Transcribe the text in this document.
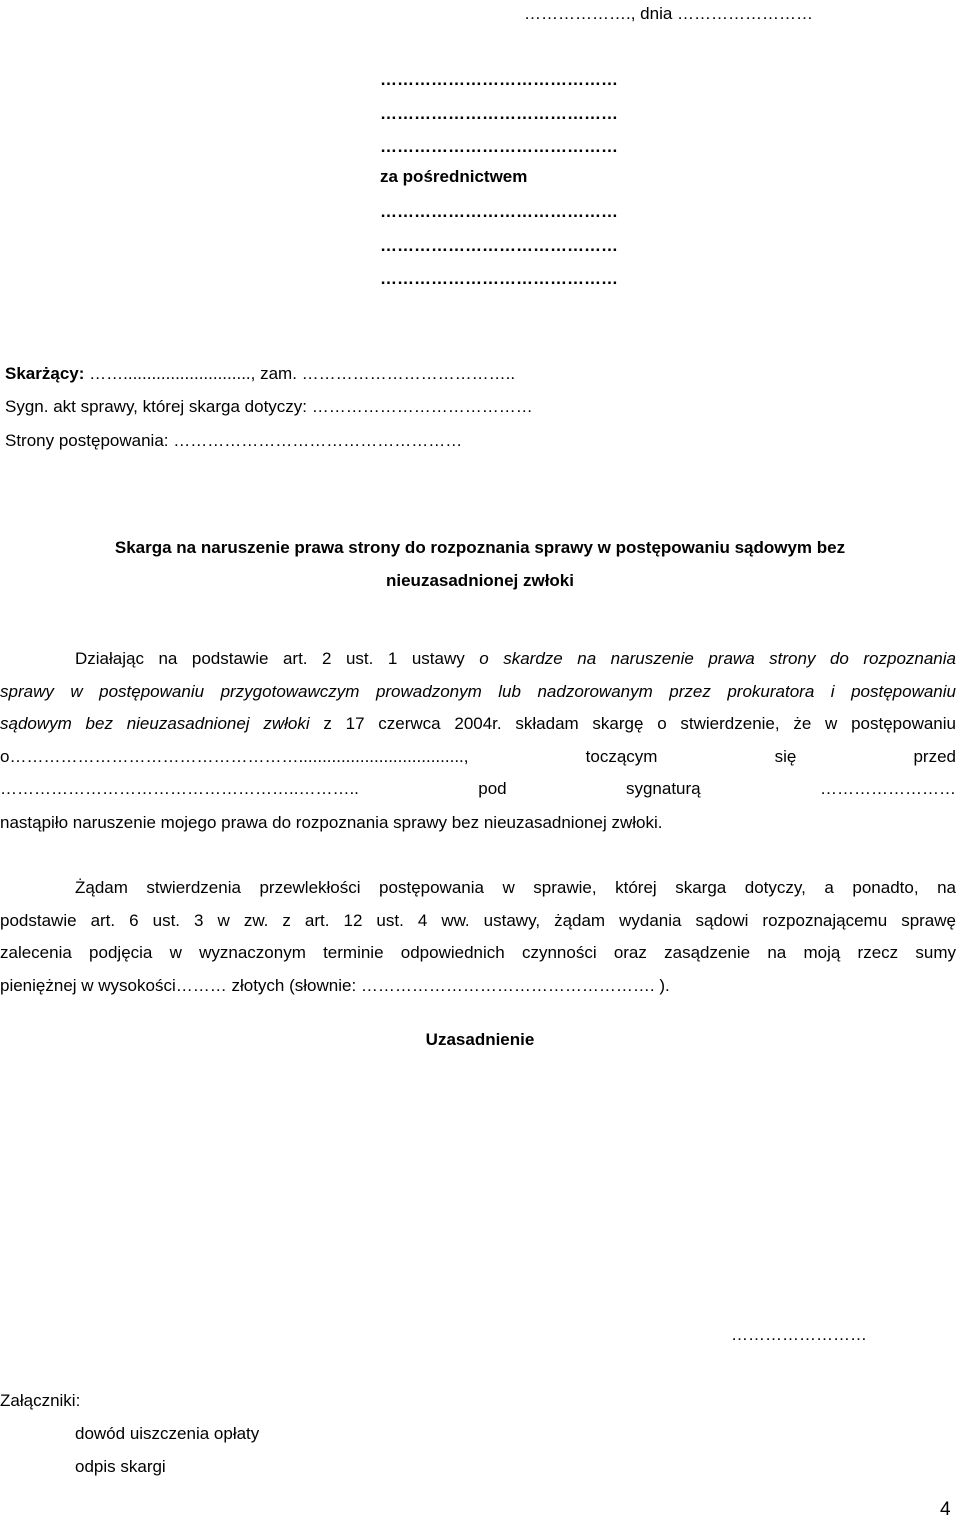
………………., dnia ……………………
……………………………………
……………………………………
……………………………………
za pośrednictwem
……………………………………
……………………………………
……………………………………
Skarżący: ……..........................., zam. ………………………………..
Sygn. akt sprawy, której skarga dotyczy: …………………………………
Strony postępowania: ……………………………………………
Skarga na naruszenie prawa strony do rozpoznania sprawy w postępowaniu sądowym bez
nieuzasadnionej zwłoki
Działając na podstawie art. 2 ust. 1 ustawy o skardze na naruszenie prawa strony do rozpoznania
sprawy w postępowaniu przygotowawczym prowadzonym lub nadzorowanym przez prokuratora i postępowaniu
sądowym bez nieuzasadnionej zwłoki z 17 czerwca 2004r. składam skargę o stwierdzenie, że w postępowaniu
o……………………………………………..................................., toczącym się przed
……………………………………………..……….. pod sygnaturą ……………………
nastąpiło naruszenie mojego prawa do rozpoznania sprawy bez nieuzasadnionej zwłoki.
Żądam stwierdzenia przewlekłości postępowania w sprawie, której skarga dotyczy, a ponadto, na
podstawie art. 6 ust. 3 w zw. z art. 12 ust. 4 ww. ustawy, żądam wydania sądowi rozpoznającemu sprawę
zalecenia podjęcia w wyznaczonym terminie odpowiednich czynności oraz zasądzenie na moją rzecz sumy
pieniężnej w wysokości……… złotych (słownie: ……………………………………………. ).
Uzasadnienie
……………………
Załączniki:
dowód uiszczenia opłaty
odpis skargi
4
